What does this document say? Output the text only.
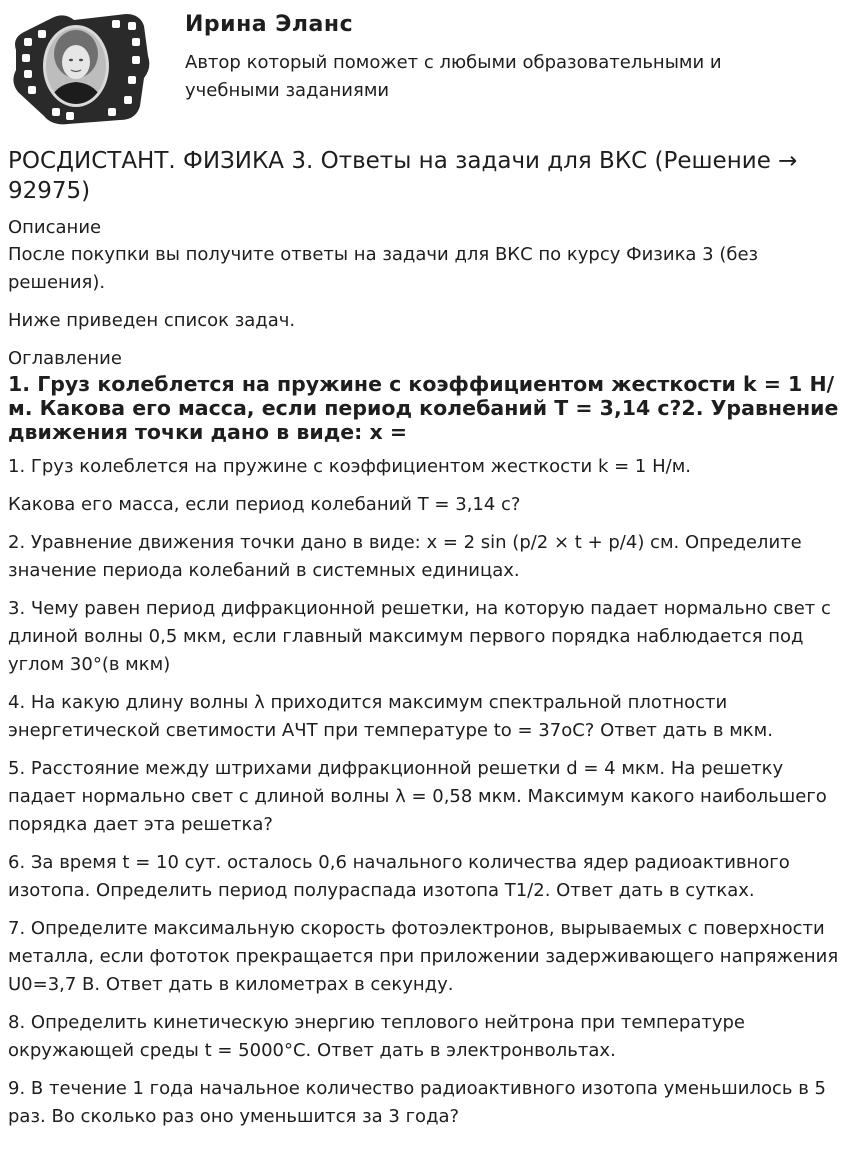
Ирина Эланс
Автор который поможет с любыми образовательными и учебными заданиями
РОСДИСТАНТ. ФИЗИКА 3. Ответы на задачи для ВКС (Решение → 92975)
Описание

После покупки вы получите ответы на задачи для ВКС по курсу Физика 3 (без решения).

Ниже приведен список задач.

Оглавление
1. Груз колеблется на пружине с коэффициентом жесткости k = 1 Н/м. Какова его масса, если период колебаний T = 3,14 с?2. Уравнение движения точки дано в виде: x =

1. Груз колеблется на пружине с коэффициентом жесткости k = 1 Н/м.

Какова его масса, если период колебаний T = 3,14 с?

2. Уравнение движения точки дано в виде: x = 2 sin (p/2 × t + p/4) см. Определите значение периода колебаний в системных единицах.

3. Чему равен период дифракционной решетки, на которую падает нормально свет с длиной волны 0,5 мкм, если главный максимум первого порядка наблюдается под углом 30°(в мкм)

4. На какую длину волны λ приходится максимум спектральной плотности энергетической светимости АЧТ при температуре to = 37оС? Ответ дать в мкм.

5. Расстояние между штрихами дифракционной решетки d = 4 мкм. На решетку падает нормально свет с длиной волны λ = 0,58 мкм. Максимум какого наибольшего порядка дает эта решетка?

6. За время t = 10 сут. осталось 0,6 начального количества ядер радиоактивного изотопа. Определить период полураспада изотопа T1/2. Ответ дать в сутках.

7. Определите максимальную скорость фотоэлектронов, вырываемых с поверхности металла, если фототок прекращается при приложении задерживающего напряжения U0=3,7 В. Ответ дать в километрах в секунду.

8. Определить кинетическую энергию теплового нейтрона при температуре окружающей среды t = 5000°С. Ответ дать в электронвольтах.

9. В течение 1 года начальное количество радиоактивного изотопа уменьшилось в 5 раз. Во сколько раз оно уменьшится за 3 года?
